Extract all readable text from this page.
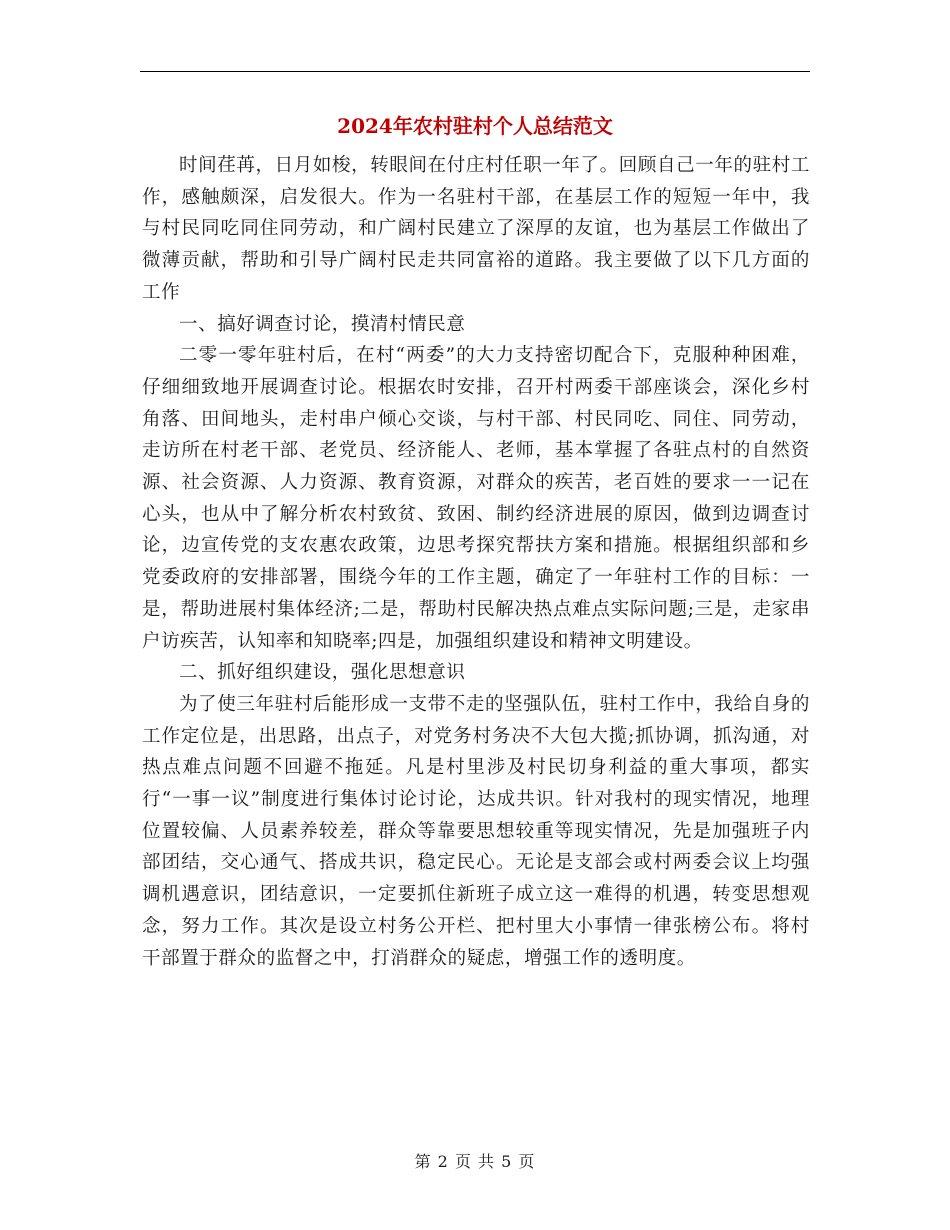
2024年农村驻村个人总结范文

时间荏苒，日月如梭，转眼间在付庄村任职一年了。回顾自己一年的驻村工作，感触颇深，启发很大。作为一名驻村干部，在基层工作的短短一年中，我与村民同吃同住同劳动，和广阔村民建立了深厚的友谊，也为基层工作做出了微薄贡献，帮助和引导广阔村民走共同富裕的道路。我主要做了以下几方面的工作

一、搞好调查讨论，摸清村情民意

二零一零年驻村后，在村“两委”的大力支持密切配合下，克服种种困难，仔细细致地开展调查讨论。根据农时安排，召开村两委干部座谈会，深化乡村角落、田间地头，走村串户倾心交谈，与村干部、村民同吃、同住、同劳动，走访所在村老干部、老党员、经济能人、老师，基本掌握了各驻点村的自然资源、社会资源、人力资源、教育资源，对群众的疾苦，老百姓的要求一一记在心头，也从中了解分析农村致贫、致困、制约经济进展的原因，做到边调查讨论，边宣传党的支农惠农政策，边思考探究帮扶方案和措施。根据组织部和乡党委政府的安排部署，围绕今年的工作主题，确定了一年驻村工作的目标：一是，帮助进展村集体经济;二是，帮助村民解决热点难点实际问题;三是，走家串户访疾苦，认知率和知晓率;四是，加强组织建设和精神文明建设。

二、抓好组织建设，强化思想意识

为了使三年驻村后能形成一支带不走的坚强队伍，驻村工作中，我给自身的工作定位是，出思路，出点子，对党务村务决不大包大揽;抓协调，抓沟通，对热点难点问题不回避不拖延。凡是村里涉及村民切身利益的重大事项，都实行“一事一议”制度进行集体讨论讨论，达成共识。针对我村的现实情况，地理位置较偏、人员素养较差，群众等靠要思想较重等现实情况，先是加强班子内部团结，交心通气、搭成共识，稳定民心。无论是支部会或村两委会议上均强调机遇意识，团结意识，一定要抓住新班子成立这一难得的机遇，转变思想观念，努力工作。其次是设立村务公开栏、把村里大小事情一律张榜公布。将村干部置于群众的监督之中，打消群众的疑虑，增强工作的透明度。

第 2 页 共 5 页
